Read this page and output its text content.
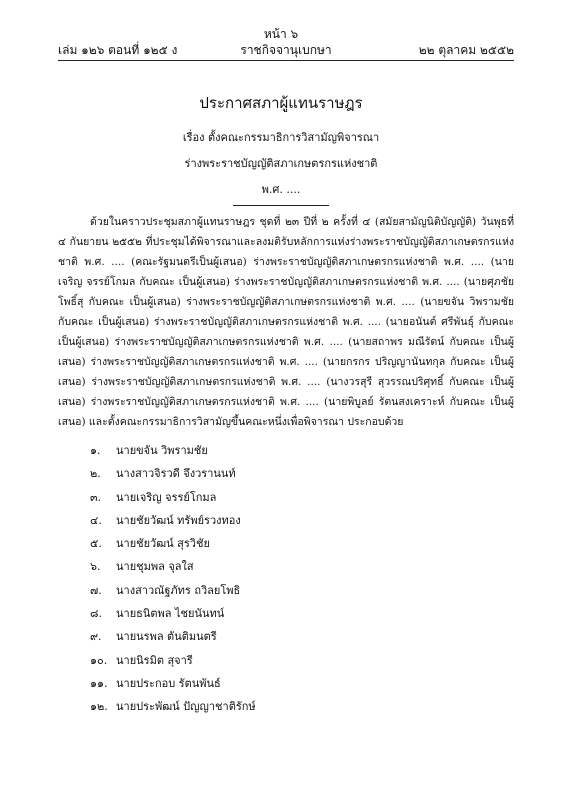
หน้า ๖
ราชกิจจานุเบกษา
เล่ม ๑๒๖ ตอนที่ ๑๒๕ ง	๒๒ ตุลาคม ๒๕๕๒
ประกาศสภาผู้แทนราษฎร
เรื่อง ตั้งคณะกรรมาธิการวิสามัญพิจารณา
ร่างพระราชบัญญัติสภาเกษตรกรแห่งชาติ
พ.ศ. ....

ด้วยในคราวประชุมสภาผู้แทนราษฎร ชุดที่ ๒๓ ปีที่ ๒ ครั้งที่ ๔ (สมัยสามัญนิติบัญญัติ) วันพุธที่ ๔ กันยายน ๒๕๕๒ ที่ประชุมได้พิจารณาและลงมติรับหลักการแห่งร่างพระราชบัญญัติสภาเกษตรกรแห่งชาติ พ.ศ. .... (คณะรัฐมนตรีเป็นผู้เสนอ) ร่างพระราชบัญญัติสภาเกษตรกรแห่งชาติ พ.ศ. .... (นายเจริญ จรรย์โกมล กับคณะ เป็นผู้เสนอ) ร่างพระราชบัญญัติสภาเกษตรกรแห่งชาติ พ.ศ. .... (นายศุภชัย โพธิ์สุ กับคณะ เป็นผู้เสนอ) ร่างพระราชบัญญัติสภาเกษตรกรแห่งชาติ พ.ศ. .... (นายขจัน วิพรามชัย กับคณะ เป็นผู้เสนอ) ร่างพระราชบัญญัติสภาเกษตรกรแห่งชาติ พ.ศ. .... (นายอนันต์ ศรีพันธุ์ กับคณะ เป็นผู้เสนอ) ร่างพระราชบัญญัติสภาเกษตรกรแห่งชาติ พ.ศ. .... (นายสถาพร มณีรัตน์ กับคณะ เป็นผู้เสนอ) ร่างพระราชบัญญัติสภาเกษตรกรแห่งชาติ พ.ศ. .... (นายกรกร ปริญญานันทกุล กับคณะ เป็นผู้เสนอ) ร่างพระราชบัญญัติสภาเกษตรกรแห่งชาติ พ.ศ. .... (นางวรสุรี สุวรรณปริศุทธิ์ กับคณะ เป็นผู้เสนอ) ร่างพระราชบัญญัติสภาเกษตรกรแห่งชาติ พ.ศ. .... (นายพิบูลย์ รัตนสงเคราะห์ กับคณะ เป็นผู้เสนอ) และตั้งคณะกรรมาธิการวิสามัญขึ้นคณะหนึ่งเพื่อพิจารณา ประกอบด้วย

๑. นายขจัน วิพรามชัย
๒. นางสาวจิรวดี จึงวรานนท์
๓. นายเจริญ จรรย์โกมล
๔. นายชัยวัฒน์ ทรัพย์รวงทอง
๕. นายชัยวัฒน์ สุรวิชัย
๖. นายชุมพล จุลใส
๗. นางสาวณัฐภัทร ถวิลยโพธิ
๘. นายธนิตพล ไชยนันทน์
๙. นายนรพล ตันติมนตรี
๑๐. นายนิรมิต สุจารี
๑๑. นายประกอบ รัตนพันธ์
๑๒. นายประพัฒน์ ปัญญาชาติรักษ์
